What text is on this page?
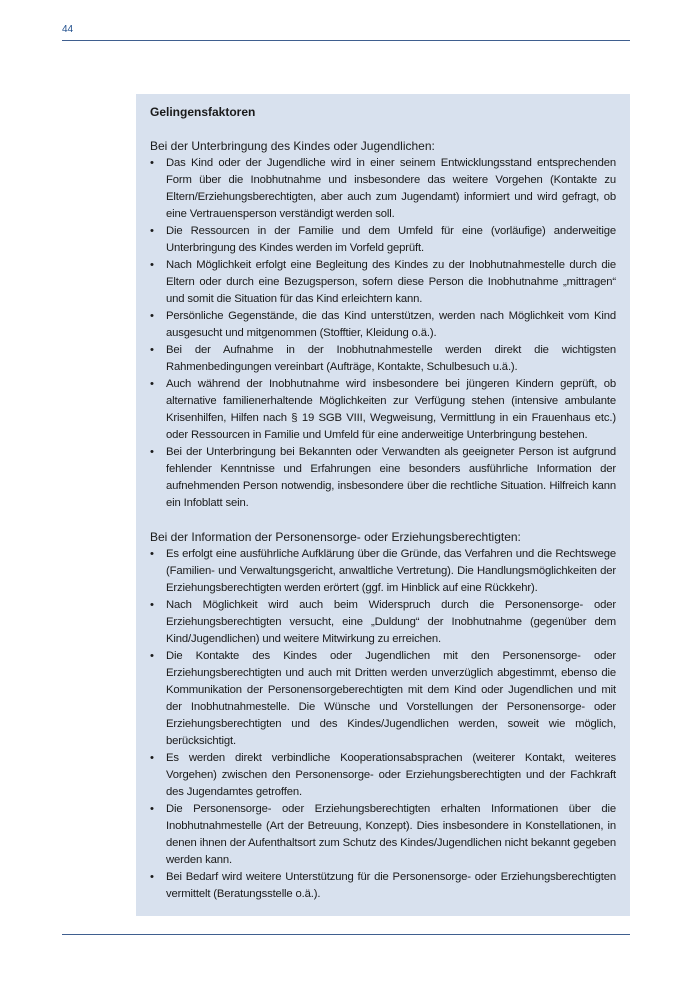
44

Gelingensfaktoren

Bei der Unterbringung des Kindes oder Jugendlichen:

•	Das Kind oder der Jugendliche wird in einer seinem Entwicklungsstand entsprechenden Form über die Inobhutnahme und insbesondere das weitere Vorgehen (Kontakte zu Eltern/Erziehungsberechtigten, aber auch zum Jugendamt) informiert und wird gefragt, ob eine Vertrauensperson verständigt werden soll.
•	Die Ressourcen in der Familie und dem Umfeld für eine (vorläufige) anderweitige Unterbringung des Kindes werden im Vorfeld geprüft.
•	Nach Möglichkeit erfolgt eine Begleitung des Kindes zu der Inobhutnahmestelle durch die Eltern oder durch eine Bezugsperson, sofern diese Person die Inobhutnahme „mittragen“ und somit die Situation für das Kind erleichtern kann.
•	Persönliche Gegenstände, die das Kind unterstützen, werden nach Möglichkeit vom Kind ausgesucht und mitgenommen (Stofftier, Kleidung o.ä.).
•	Bei der Aufnahme in der Inobhutnahmestelle werden direkt die wichtigsten Rahmenbedingungen vereinbart (Aufträge, Kontakte, Schulbesuch u.ä.).
•	Auch während der Inobhutnahme wird insbesondere bei jüngeren Kindern geprüft, ob alternative familienerhaltende Möglichkeiten zur Verfügung stehen (intensive ambulante Krisenhilfen, Hilfen nach § 19 SGB VIII, Wegweisung, Vermittlung in ein Frauenhaus etc.) oder Ressourcen in Familie und Umfeld für eine anderweitige Unterbringung bestehen.
•	Bei der Unterbringung bei Bekannten oder Verwandten als geeigneter Person ist aufgrund fehlender Kenntnisse und Erfahrungen eine besonders ausführliche Information der aufnehmenden Person notwendig, insbesondere über die rechtliche Situation. Hilfreich kann ein Infoblatt sein.

Bei der Information der Personensorge- oder Erziehungsberechtigten:

•	Es erfolgt eine ausführliche Aufklärung über die Gründe, das Verfahren und die Rechtswege (Familien- und Verwaltungsgericht, anwaltliche Vertretung). Die Handlungsmöglichkeiten der Erziehungsberechtigten werden erörtert (ggf. im Hinblick auf eine Rückkehr).
•	Nach Möglichkeit wird auch beim Widerspruch durch die Personensorge- oder Erziehungsberechtigten versucht, eine „Duldung“ der Inobhutnahme (gegenüber dem Kind/Jugendlichen) und weitere Mitwirkung zu erreichen.
•	Die Kontakte des Kindes oder Jugendlichen mit den Personensorge- oder Erziehungsberechtigten und auch mit Dritten werden unverzüglich abgestimmt, ebenso die Kommunikation der Personensorgeberechtigten mit dem Kind oder Jugendlichen und mit der Inobhutnahmestelle. Die Wünsche und Vorstellungen der Personensorge- oder Erziehungsberechtigten und des Kindes/Jugendlichen werden, soweit wie möglich, berücksichtigt.
•	Es werden direkt verbindliche Kooperationsabsprachen (weiterer Kontakt, weiteres Vorgehen) zwischen den Personensorge- oder Erziehungsberechtigten und der Fachkraft des Jugendamtes getroffen.
•	Die Personensorge- oder Erziehungsberechtigten erhalten Informationen über die Inobhutnahmestelle (Art der Betreuung, Konzept). Dies insbesondere in Konstellationen, in denen ihnen der Aufenthaltsort zum Schutz des Kindes/Jugendlichen nicht bekannt gegeben werden kann.
•	Bei Bedarf wird weitere Unterstützung für die Personensorge- oder Erziehungsberechtigten vermittelt (Beratungsstelle o.ä.).
